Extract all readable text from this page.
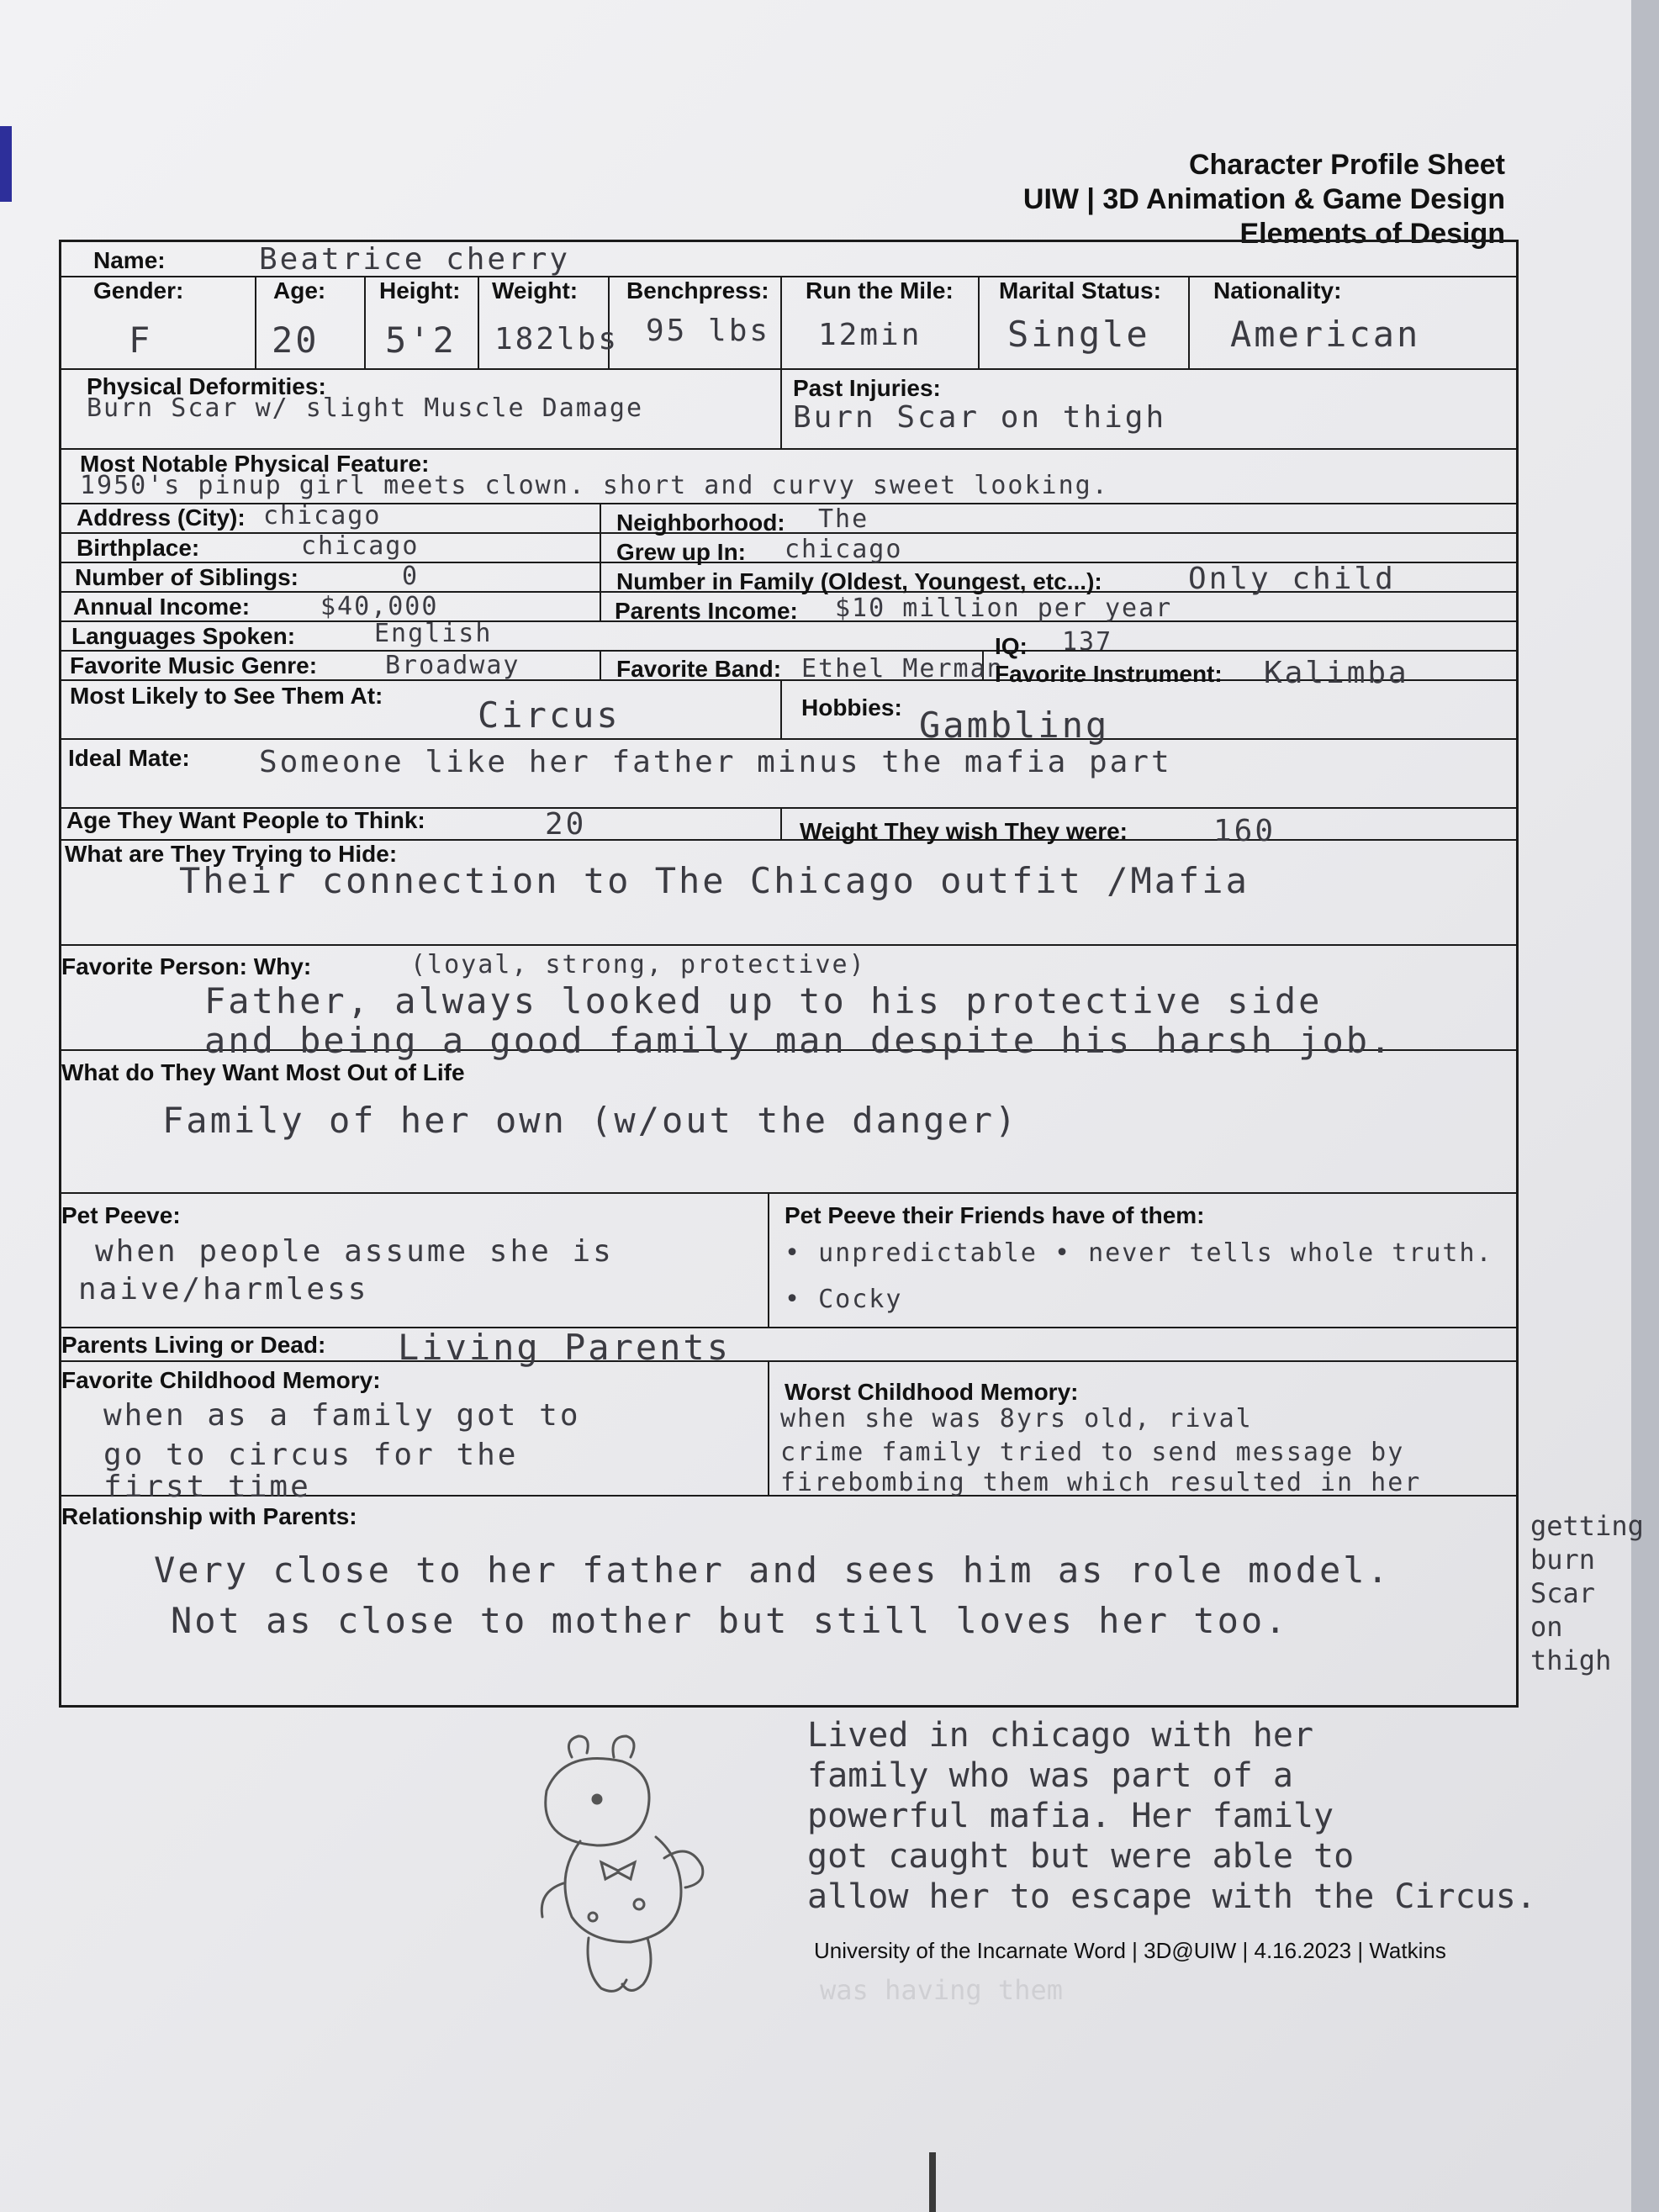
Character Profile Sheet
UIW | 3D Animation & Game Design
Elements of Design
Name:	Beatrice cherry
Gender:
F
Age:
20
Height:
5'2
Weight:
182lbs
Benchpress:
95 lbs
Run the Mile:
12min
Marital Status:
Single
Nationality:
American
Physical Deformities:
Burn Scar w/ slight Muscle Damage
Past Injuries:
Burn Scar on thigh
Most Notable Physical Feature:
1950's pinup girl meets clown. short and curvy sweet looking.
Address (City): chicago	Neighborhood: The
Birthplace:	chicago	Grew up In: chicago
Number of Siblings:	0	Number in Family (Oldest, Youngest, etc...):	Only child
Annual Income:	$40,000	Parents Income: $10 million per year
Languages Spoken:	English	IQ: 137
Favorite Music Genre:	Broadway	Favorite Band: Ethel Merman
Favorite Instrument: Kalimba
Most Likely to See Them At:	Circus	Hobbies: Gambling
Ideal Mate: Someone like her father minus the mafia part
Age They Want People to Think:	20	Weight They wish They were:	160
What are They Trying to Hide:
Their connection to The Chicago outfit /Mafia
Favorite Person: Why:	(loyal, strong, protective)
Father, always looked up to his protective side
and being a good family man despite his harsh job.
What do They Want Most Out of Life
Family of her own (w/out the danger)
Pet Peeve:
when people assume she is
naive/harmless
Pet Peeve their Friends have of them:
• unpredictable • never tells whole truth.
• Cocky
Parents Living or Dead: Living Parents
Favorite Childhood Memory:
when as a family got to
go to circus for the
first time
Worst Childhood Memory:
when she was 8yrs old, rival
crime family tried to send message by
firebombing them which resulted in her
Relationship with Parents:
Very close to her father and sees him as role model.
Not as close to mother but still loves her too.
getting
burn
Scar
on
thigh
Lived in chicago with her
family who was part of a
powerful mafia. Her family
got caught but were able to
allow her to escape with the Circus.
University of the Incarnate Word | 3D@UIW | 4.16.2023 | Watkins
was having them
